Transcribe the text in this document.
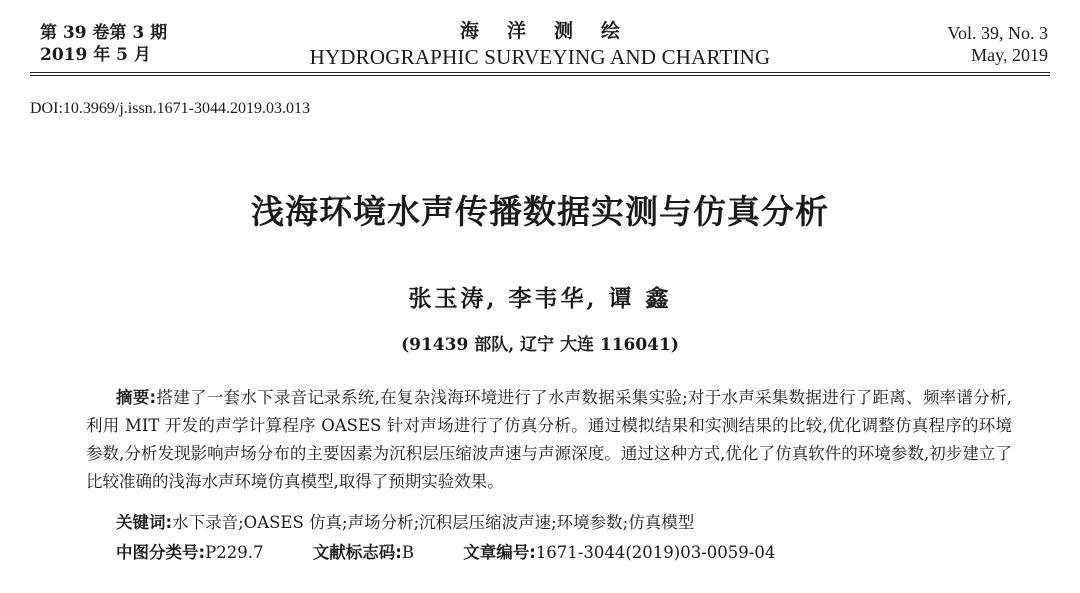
第 39 卷第 3 期
2019 年 5 月
海洋测绘
HYDROGRAPHIC SURVEYING AND CHARTING
Vol. 39, No. 3
May, 2019
DOI:10.3969/j.issn.1671-3044.2019.03.013
浅海环境水声传播数据实测与仿真分析
张玉涛, 李韦华, 谭 鑫
(91439 部队, 辽宁 大连 116041)
摘要:搭建了一套水下录音记录系统,在复杂浅海环境进行了水声数据采集实验;对于水声采集数据进行了距离、频率谱分析,利用 MIT 开发的声学计算程序 OASES 针对声场进行了仿真分析。通过模拟结果和实测结果的比较,优化调整仿真程序的环境参数,分析发现影响声场分布的主要因素为沉积层压缩波声速与声源深度。通过这种方式,优化了仿真软件的环境参数,初步建立了比较准确的浅海水声环境仿真模型,取得了预期实验效果。
关键词:水下录音;OASES 仿真;声场分析;沉积层压缩波声速;环境参数;仿真模型
中图分类号:P229.7	文献标志码:B	文章编号:1671-3044(2019)03-0059-04
